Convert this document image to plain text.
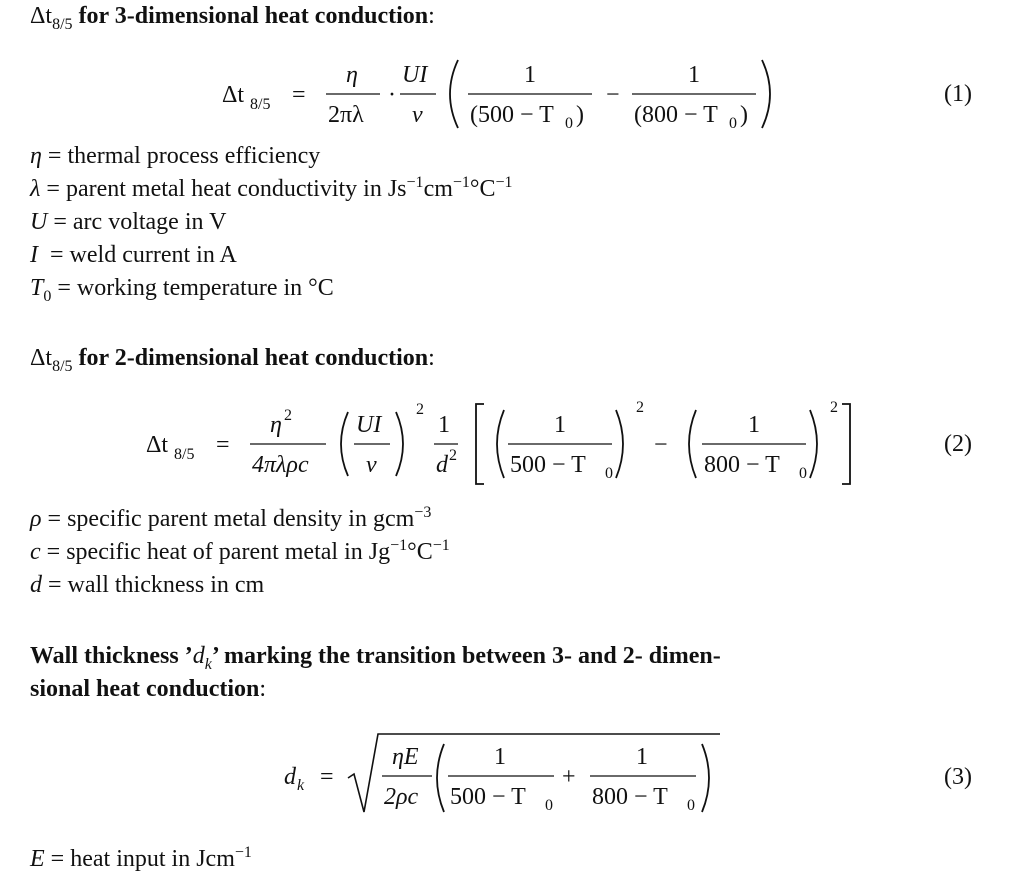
$\Delta t_{8/5}$ for 3-dimensional heat conduction:
Δt 8/5 =
η
2πλ
·
UI
v
1
(500 − T 0 )
−
1
(800 − T 0 )
(1)
η = thermal process efficiency
λ = parent metal heat conductivity in $Js^{-1}cm^{-1}^\circ C^{-1}$
U = arc voltage in V
I  = weld current in A
$T_0$ = working temperature in °C
$\Delta t_{8/5}$ for 2-dimensional heat conduction:
Δt 8/5 =
η 2
4πλρc
UI
v
2
1
d 2
1
500 − T 0
2
−
1
800 − T 0
2
(2)
ρ = specific parent metal density in gcm$^{-3}$
c = specific heat of parent metal in $Jg^{-1}^\circ C^{-1}$
d = wall thickness in cm
Wall thickness $’d_k$’ marking the transition between 3- and 2- dimen-
sional heat conduction:
d k =
ηE
2ρc
1
500 − T 0
+
1
800 − T 0
(3)
E = heat input in Jcm$^{-1}$
